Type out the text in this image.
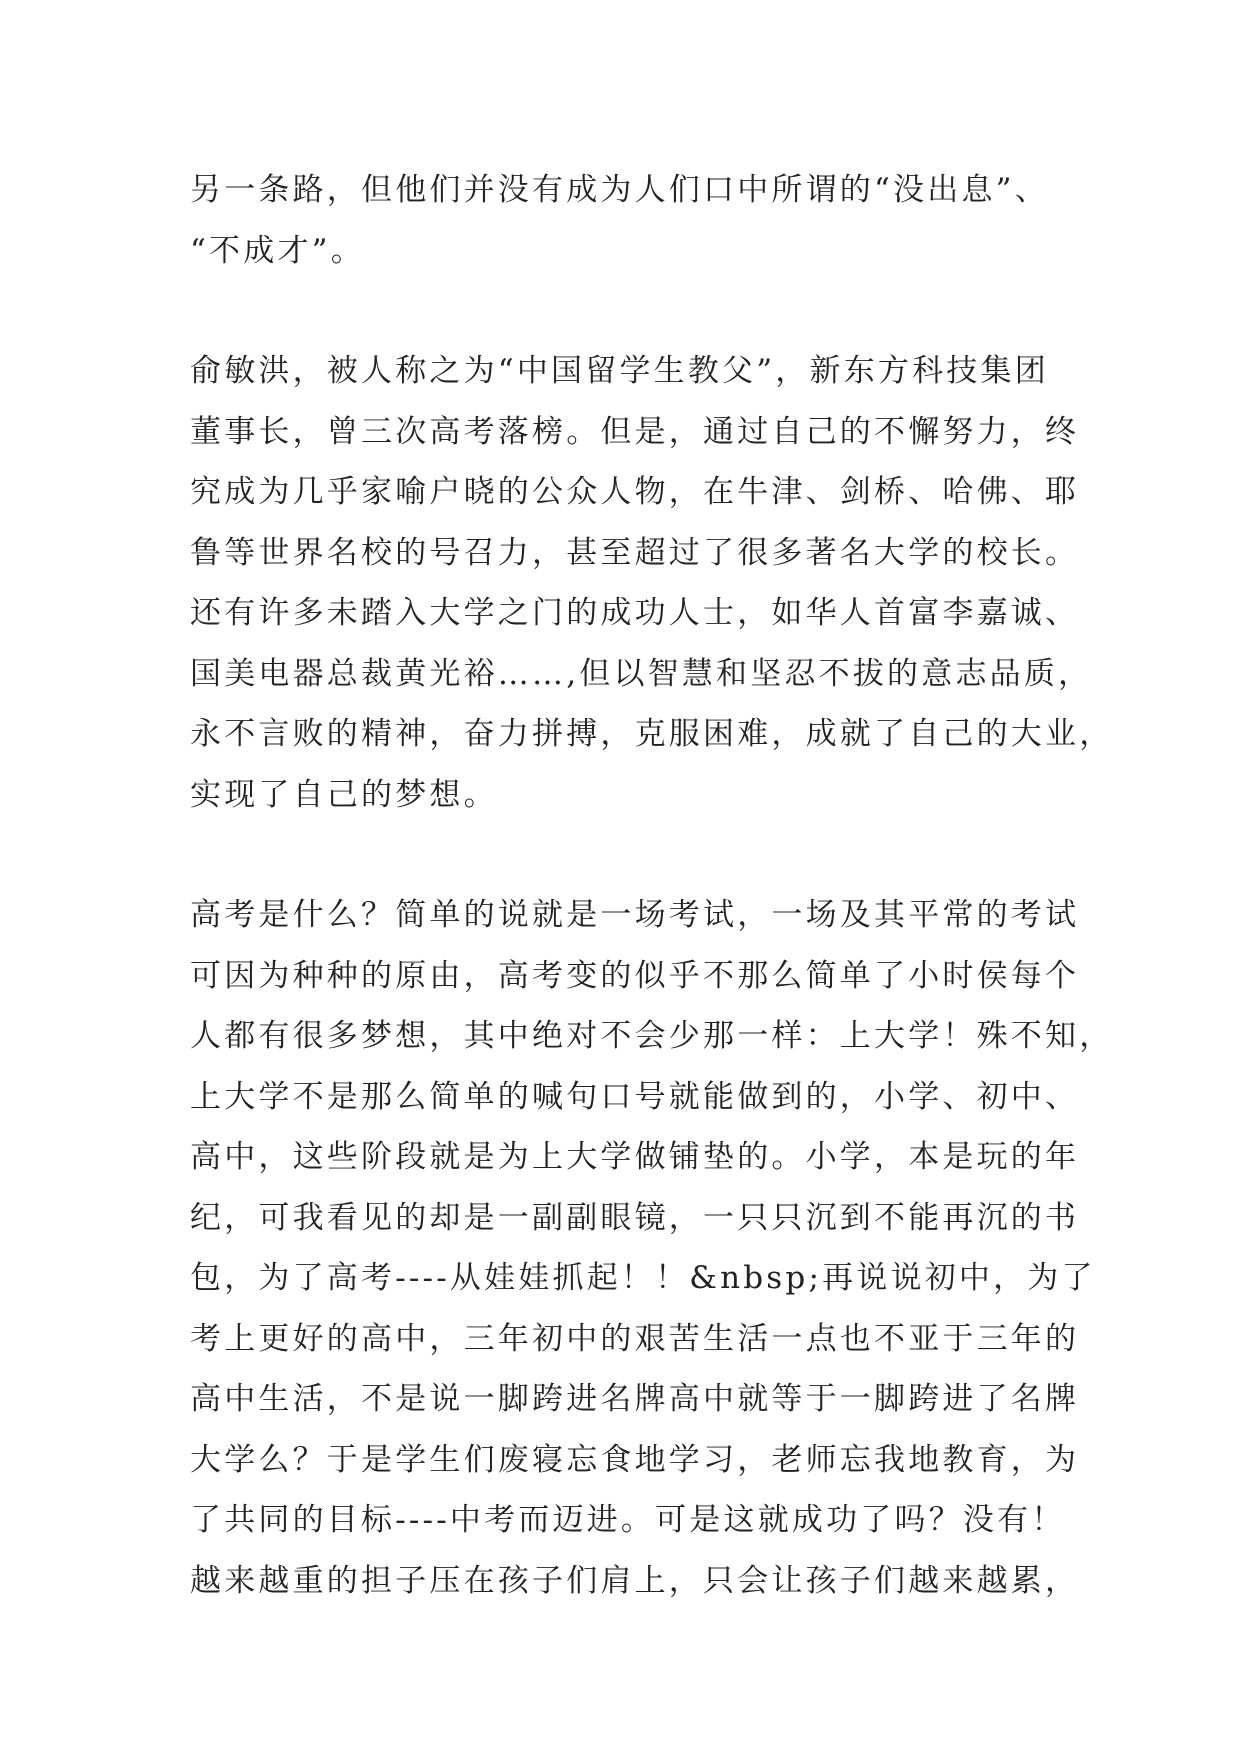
另一条路，但他们并没有成为人们口中所谓的“没出息”、
“不成才”。
俞敏洪，被人称之为“中国留学生教父”，新东方科技集团
董事长，曾三次高考落榜。但是，通过自己的不懈努力，终
究成为几乎家喻户晓的公众人物，在牛津、剑桥、哈佛、耶
鲁等世界名校的号召力，甚至超过了很多著名大学的校长。
还有许多未踏入大学之门的成功人士，如华人首富李嘉诚、
国美电器总裁黄光裕……,但以智慧和坚忍不拔的意志品质，
永不言败的精神，奋力拼搏，克服困难，成就了自己的大业，
实现了自己的梦想。
高考是什么？简单的说就是一场考试，一场及其平常的考试
可因为种种的原由，高考变的似乎不那么简单了小时侯每个
人都有很多梦想，其中绝对不会少那一样：上大学！殊不知，
上大学不是那么简单的喊句口号就能做到的，小学、初中、
高中，这些阶段就是为上大学做铺垫的。小学，本是玩的年
纪，可我看见的却是一副副眼镜，一只只沉到不能再沉的书
包，为了高考----从娃娃抓起！！&nbsp;再说说初中，为了
考上更好的高中，三年初中的艰苦生活一点也不亚于三年的
高中生活，不是说一脚跨进名牌高中就等于一脚跨进了名牌
大学么？于是学生们废寝忘食地学习，老师忘我地教育，为
了共同的目标----中考而迈进。可是这就成功了吗？没有！
越来越重的担子压在孩子们肩上，只会让孩子们越来越累，
